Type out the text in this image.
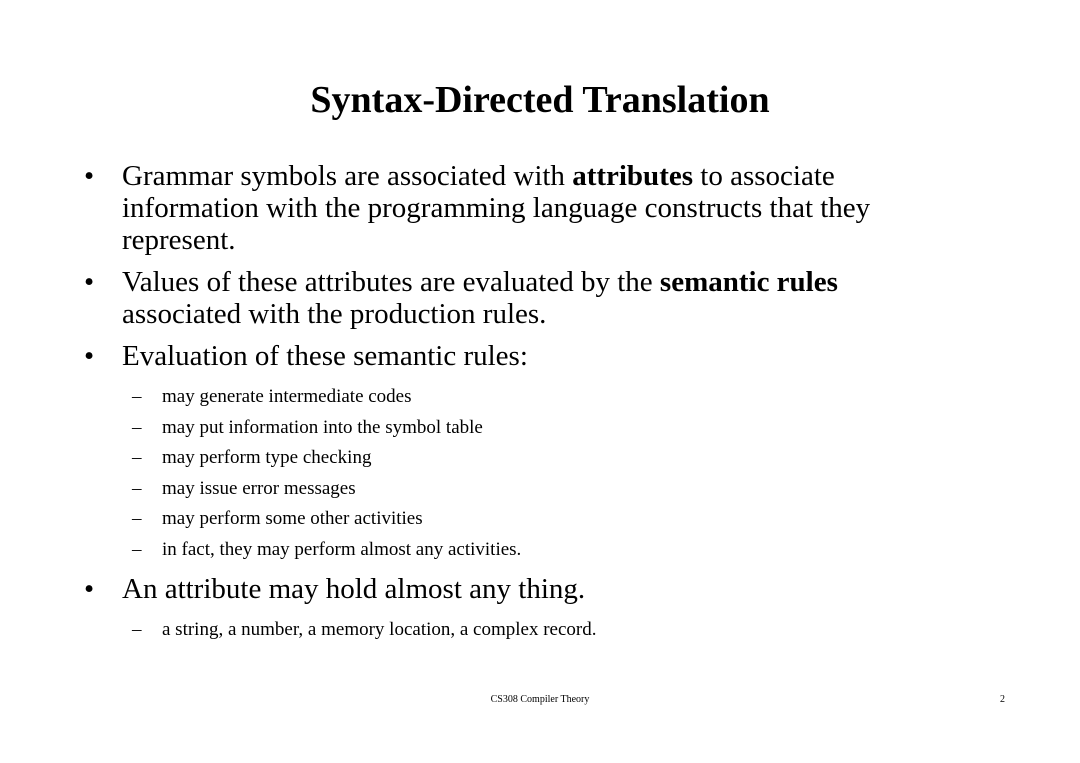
Syntax-Directed Translation
• Grammar symbols are associated with attributes to associate information with the programming language constructs that they represent.
• Values of these attributes are evaluated by the semantic rules associated with the production rules.
• Evaluation of these semantic rules:
– may generate intermediate codes
– may put information into the symbol table
– may perform type checking
– may issue error messages
– may perform some other activities
– in fact, they may perform almost any activities.
• An attribute may hold almost any thing.
– a string, a number, a memory location, a complex record.
CS308 Compiler Theory	2
